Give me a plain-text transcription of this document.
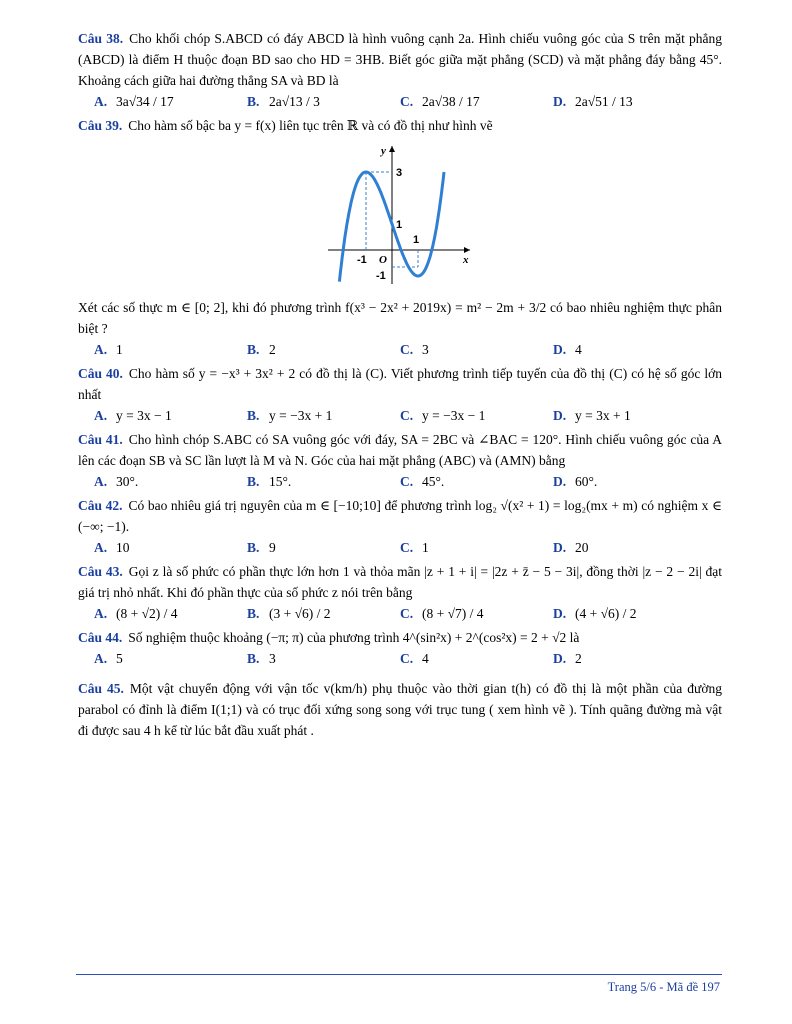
Câu 38. Cho khối chóp S.ABCD có đáy ABCD là hình vuông cạnh 2a. Hình chiếu vuông góc của S trên mặt phẳng (ABCD) là điểm H thuộc đoạn BD sao cho HD = 3HB. Biết góc giữa mặt phẳng (SCD) và mặt phẳng đáy bằng 45°. Khoảng cách giữa hai đường thẳng SA và BD là

A. 3a√34 / 17	B. 2a√13 / 3	C. 2a√38 / 17	D. 2a√51 / 13

Câu 39. Cho hàm số bậc ba y = f(x) liên tục trên ℝ và có đồ thị như hình vẽ

y
x
3
1
1
-1
-1
O

Xét các số thực m ∈ [0; 2], khi đó phương trình f(x³ − 2x² + 2019x) = m² − 2m + 3/2 có bao nhiêu nghiệm thực phân biệt ?

A. 1	B. 2	C. 3	D. 4

Câu 40. Cho hàm số y = −x³ + 3x² + 2 có đồ thị là (C). Viết phương trình tiếp tuyến của đồ thị (C) có hệ số góc lớn nhất

A. y = 3x − 1	B. y = −3x + 1	C. y = −3x − 1	D. y = 3x + 1

Câu 41. Cho hình chóp S.ABC có SA vuông góc với đáy, SA = 2BC và ∠BAC = 120°. Hình chiếu vuông góc của A lên các đoạn SB và SC lần lượt là M và N. Góc của hai mặt phẳng (ABC) và (AMN) bằng

A. 30°.	B. 15°.	C. 45°.	D. 60°.

Câu 42. Có bao nhiêu giá trị nguyên của m ∈ [−10;10] để phương trình log₂ √(x² + 1) = log₂(mx + m) có nghiệm x ∈ (−∞; −1).

A. 10	B. 9	C. 1	D. 20

Câu 43. Gọi z là số phức có phần thực lớn hơn 1 và thỏa mãn |z + 1 + i| = |2z + z̄ − 5 − 3i|, đồng thời |z − 2 − 2i| đạt giá trị nhỏ nhất. Khi đó phần thực của số phức z nói trên bằng

A. (8 + √2) / 4	B. (3 + √6) / 2	C. (8 + √7) / 4	D. (4 + √6) / 2

Câu 44. Số nghiệm thuộc khoảng (−π; π) của phương trình 4^(sin²x) + 2^(cos²x) = 2 + √2 là

A. 5	B. 3	C. 4	D. 2

Câu 45. Một vật chuyển động với vận tốc v(km/h) phụ thuộc vào thời gian t(h) có đồ thị là một phần của đường parabol có đỉnh là điểm I(1;1) và có trục đối xứng song song với trục tung ( xem hình vẽ ). Tính quãng đường mà vật đi được sau 4 h kể từ lúc bắt đầu xuất phát .

Trang 5/6 - Mã đề 197
